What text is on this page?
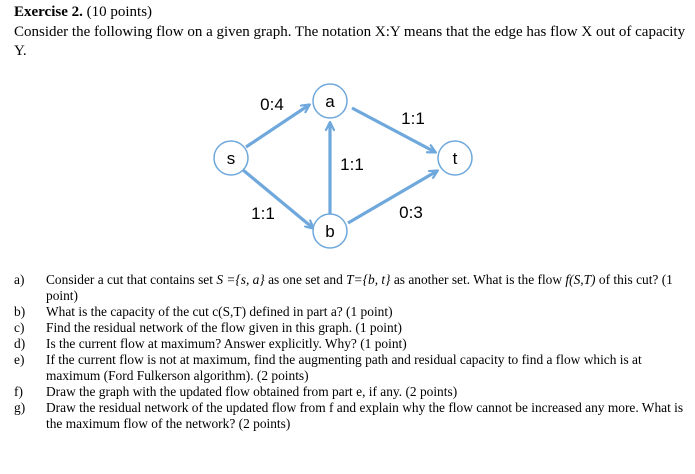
Exercise 2. (10 points)
Consider the following flow on a given graph. The notation X:Y means that the edge has flow X out of capacity Y.
s
a
t
b
0:4
1:1
1:1
1:1	0:3
a) Consider a cut that contains set S ={s, a} as one set and T={b, t} as another set. What is the flow f(S,T) of this cut? (1 point)
b) What is the capacity of the cut c(S,T) defined in part a? (1 point)
c) Find the residual network of the flow given in this graph. (1 point)
d) Is the current flow at maximum? Answer explicitly. Why? (1 point)
e) If the current flow is not at maximum, find the augmenting path and residual capacity to find a flow which is at maximum (Ford Fulkerson algorithm). (2 points)
f) Draw the graph with the updated flow obtained from part e, if any. (2 points)
g) Draw the residual network of the updated flow from f and explain why the flow cannot be increased any more. What is the maximum flow of the network? (2 points)
